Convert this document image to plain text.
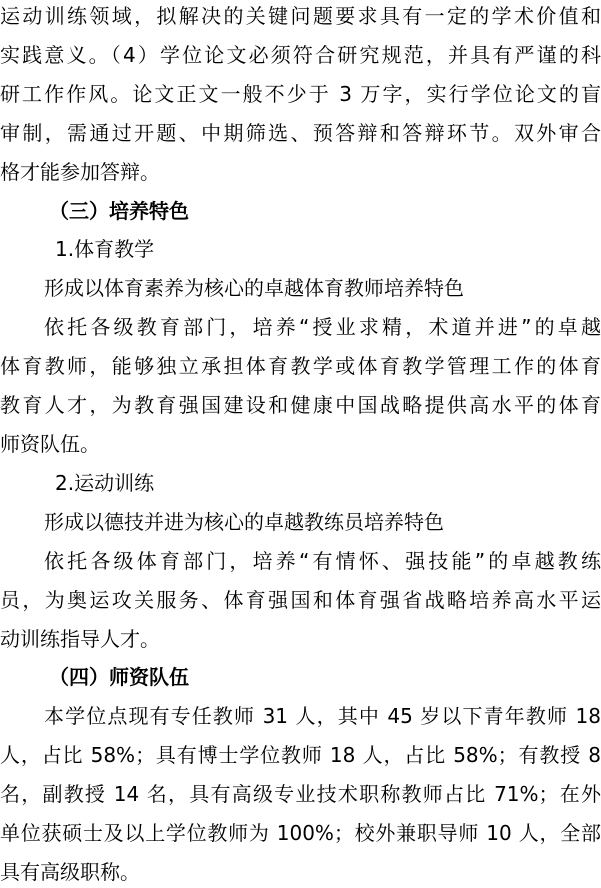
运动训练领域，拟解决的关键问题要求具有一定的学术价值和
实践意义。（4）学位论文必须符合研究规范，并具有严谨的科
研工作作风。论文正文一般不少于 3 万字，实行学位论文的盲
审制，需通过开题、中期筛选、预答辩和答辩环节。双外审合
格才能参加答辩。
（三）培养特色
1.体育教学
形成以体育素养为核心的卓越体育教师培养特色
依托各级教育部门，培养“授业求精，术道并进”的卓越
体育教师，能够独立承担体育教学或体育教学管理工作的体育
教育人才，为教育强国建设和健康中国战略提供高水平的体育
师资队伍。
2.运动训练
形成以德技并进为核心的卓越教练员培养特色
依托各级体育部门，培养“有情怀、强技能”的卓越教练
员，为奥运攻关服务、体育强国和体育强省战略培养高水平运
动训练指导人才。
（四）师资队伍
本学位点现有专任教师 31 人，其中 45 岁以下青年教师 18
人，占比 58%；具有博士学位教师 18 人，占比 58%；有教授 8
名，副教授 14 名，具有高级专业技术职称教师占比 71%；在外
单位获硕士及以上学位教师为 100%；校外兼职导师 10 人，全部
具有高级职称。
